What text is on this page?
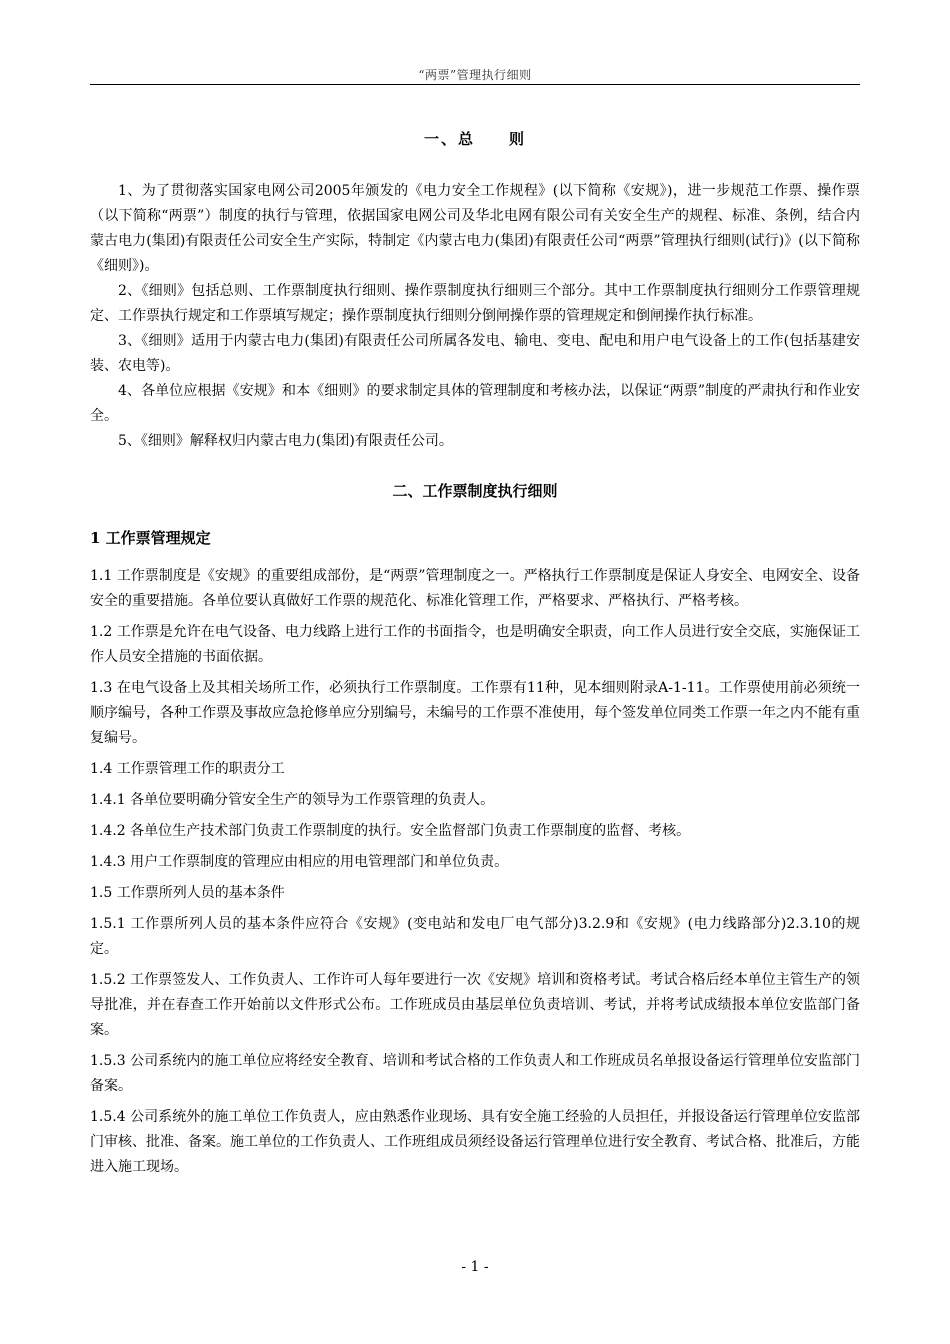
“两票”管理执行细则
一、总　　则

1、为了贯彻落实国家电网公司2005年颁发的《电力安全工作规程》(以下简称《安规》)，进一步规范工作票、操作票（以下简称“两票”）制度的执行与管理，依据国家电网公司及华北电网有限公司有关安全生产的规程、标准、条例，结合内蒙古电力(集团)有限责任公司安全生产实际，特制定《内蒙古电力(集团)有限责任公司“两票”管理执行细则(试行)》(以下简称《细则》)。

2、《细则》包括总则、工作票制度执行细则、操作票制度执行细则三个部分。其中工作票制度执行细则分工作票管理规定、工作票执行规定和工作票填写规定；操作票制度执行细则分倒闸操作票的管理规定和倒闸操作执行标准。

3、《细则》适用于内蒙古电力(集团)有限责任公司所属各发电、输电、变电、配电和用户电气设备上的工作(包括基建安装、农电等)。

4、各单位应根据《安规》和本《细则》的要求制定具体的管理制度和考核办法，以保证“两票”制度的严肃执行和作业安全。

5、《细则》解释权归内蒙古电力(集团)有限责任公司。

二、工作票制度执行细则
1 工作票管理规定

1.1 工作票制度是《安规》的重要组成部份，是“两票”管理制度之一。严格执行工作票制度是保证人身安全、电网安全、设备安全的重要措施。各单位要认真做好工作票的规范化、标准化管理工作，严格要求、严格执行、严格考核。

1.2 工作票是允许在电气设备、电力线路上进行工作的书面指令，也是明确安全职责，向工作人员进行安全交底，实施保证工作人员安全措施的书面依据。

1.3 在电气设备上及其相关场所工作，必须执行工作票制度。工作票有11种，见本细则附录A-1-11。工作票使用前必须统一顺序编号，各种工作票及事故应急抢修单应分别编号，未编号的工作票不准使用，每个签发单位同类工作票一年之内不能有重复编号。

1.4 工作票管理工作的职责分工

1.4.1 各单位要明确分管安全生产的领导为工作票管理的负责人。

1.4.2 各单位生产技术部门负责工作票制度的执行。安全监督部门负责工作票制度的监督、考核。

1.4.3 用户工作票制度的管理应由相应的用电管理部门和单位负责。

1.5 工作票所列人员的基本条件

1.5.1 工作票所列人员的基本条件应符合《安规》(变电站和发电厂电气部分)3.2.9和《安规》(电力线路部分)2.3.10的规定。

1.5.2 工作票签发人、工作负责人、工作许可人每年要进行一次《安规》培训和资格考试。考试合格后经本单位主管生产的领导批准，并在春查工作开始前以文件形式公布。工作班成员由基层单位负责培训、考试，并将考试成绩报本单位安监部门备案。

1.5.3 公司系统内的施工单位应将经安全教育、培训和考试合格的工作负责人和工作班成员名单报设备运行管理单位安监部门备案。

1.5.4 公司系统外的施工单位工作负责人，应由熟悉作业现场、具有安全施工经验的人员担任，并报设备运行管理单位安监部门审核、批准、备案。施工单位的工作负责人、工作班组成员须经设备运行管理单位进行安全教育、考试合格、批准后，方能进入施工现场。

- 1 -
